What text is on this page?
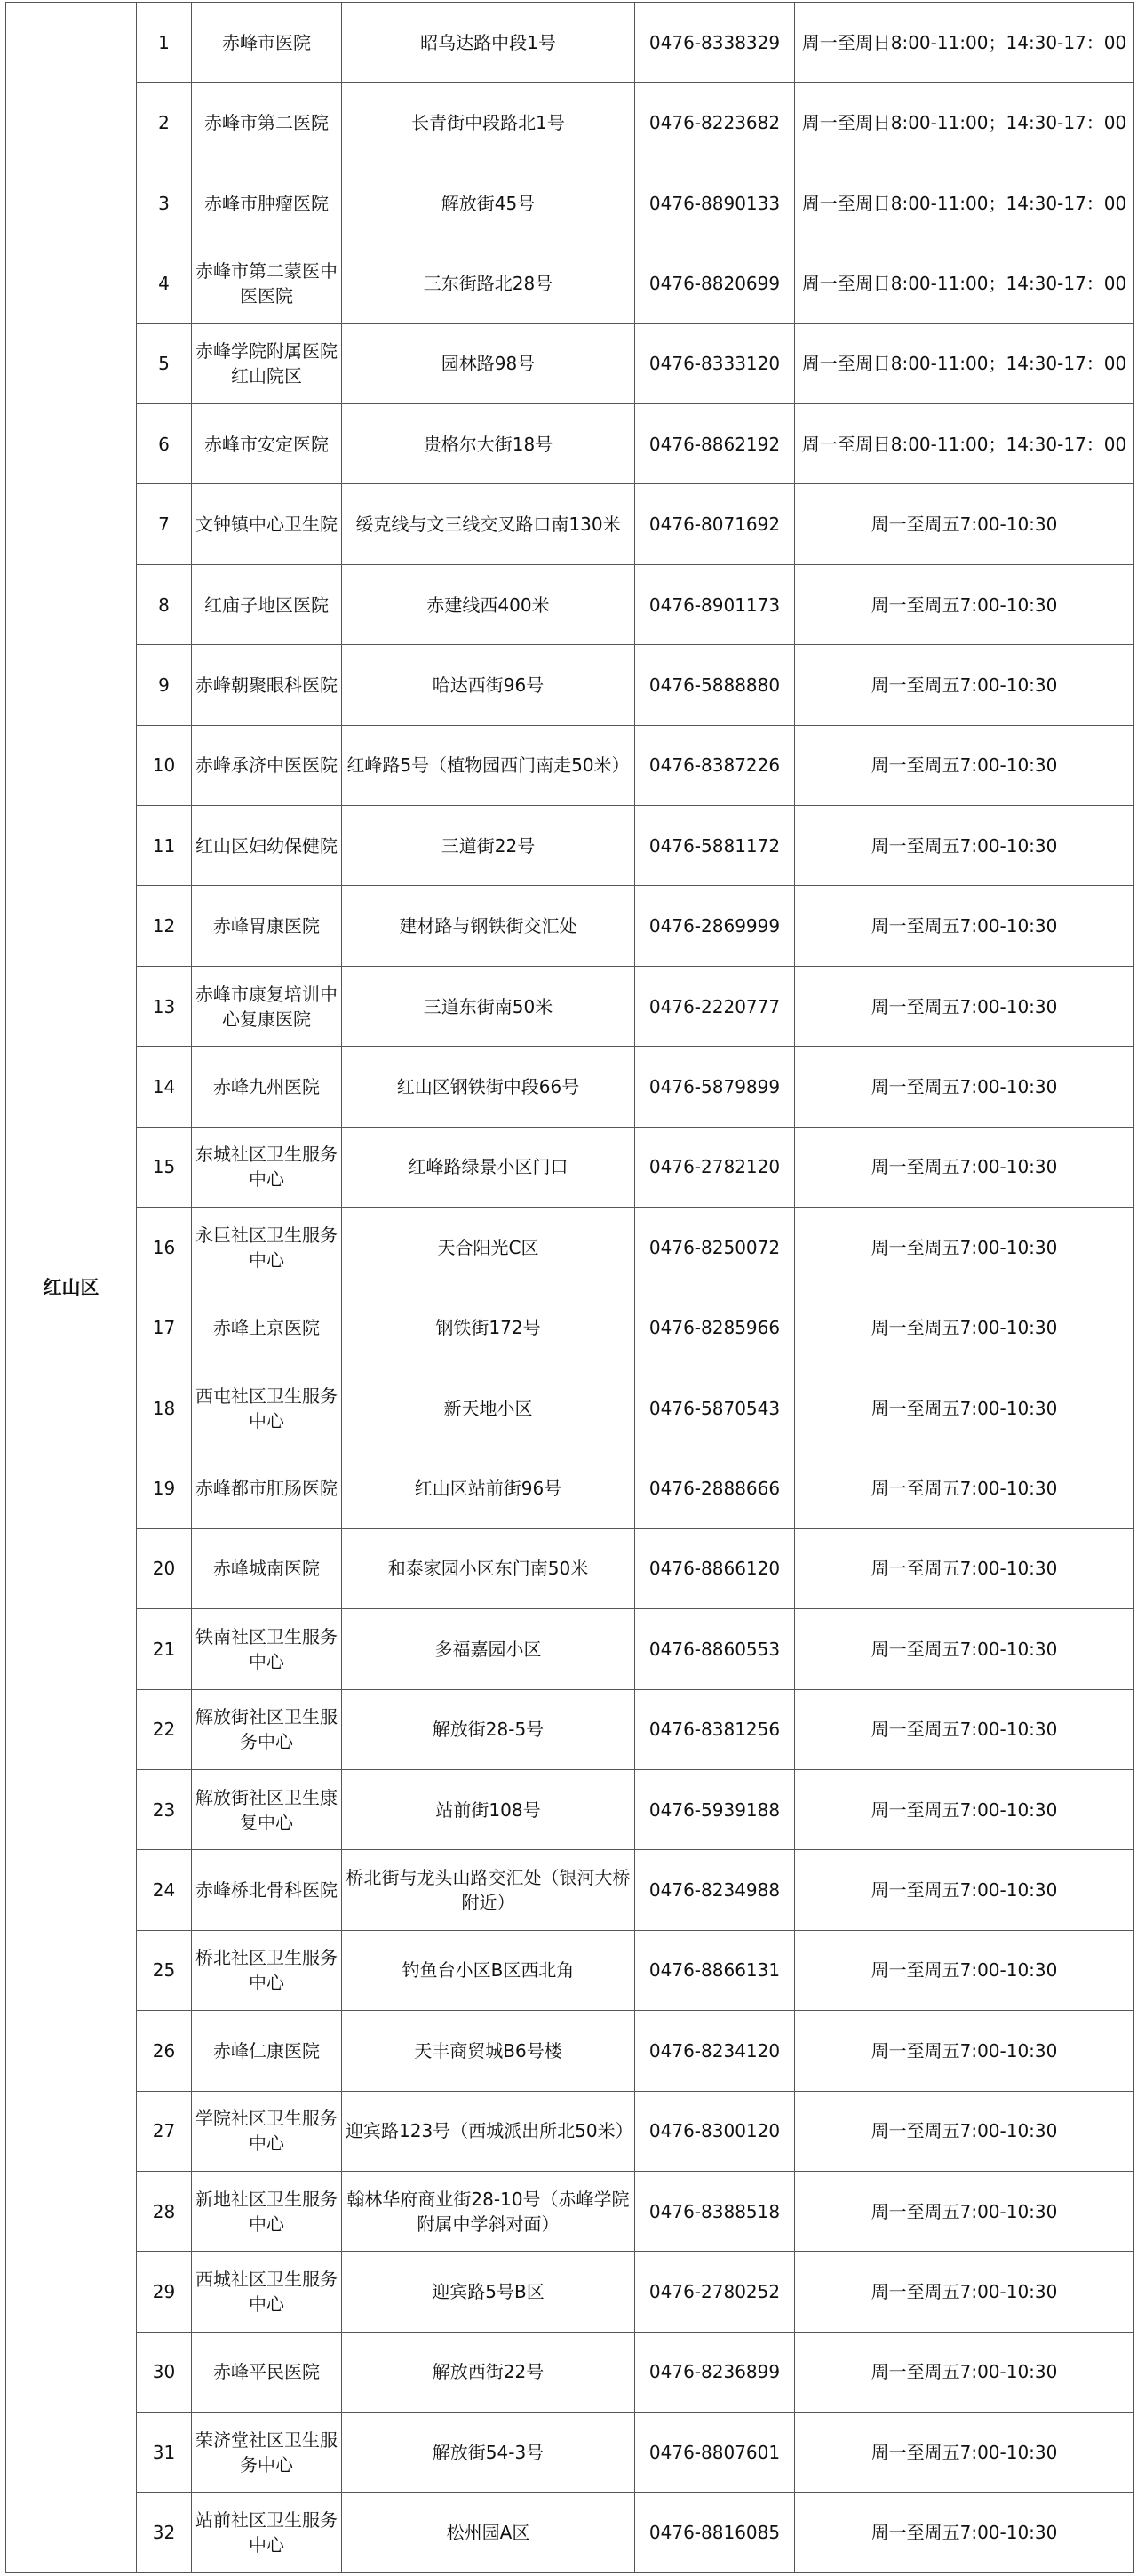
红山区	1	赤峰市医院	昭乌达路中段1号	0476-8338329	周一至周日8:00-11:00；14:30-17：00
	2	赤峰市第二医院	长青街中段路北1号	0476-8223682	周一至周日8:00-11:00；14:30-17：00
	3	赤峰市肿瘤医院	解放街45号	0476-8890133	周一至周日8:00-11:00；14:30-17：00
	4	赤峰市第二蒙医中医医院	三东街路北28号	0476-8820699	周一至周日8:00-11:00；14:30-17：00
	5	赤峰学院附属医院红山院区	园林路98号	0476-8333120	周一至周日8:00-11:00；14:30-17：00
	6	赤峰市安定医院	贵格尔大街18号	0476-8862192	周一至周日8:00-11:00；14:30-17：00
	7	文钟镇中心卫生院	绥克线与文三线交叉路口南130米	0476-8071692	周一至周五7:00-10:30
	8	红庙子地区医院	赤建线西400米	0476-8901173	周一至周五7:00-10:30
	9	赤峰朝聚眼科医院	哈达西街96号	0476-5888880	周一至周五7:00-10:30
	10	赤峰承济中医医院	红峰路5号（植物园西门南走50米）	0476-8387226	周一至周五7:00-10:30
	11	红山区妇幼保健院	三道街22号	0476-5881172	周一至周五7:00-10:30
	12	赤峰胃康医院	建材路与钢铁街交汇处	0476-2869999	周一至周五7:00-10:30
	13	赤峰市康复培训中心复康医院	三道东街南50米	0476-2220777	周一至周五7:00-10:30
	14	赤峰九州医院	红山区钢铁街中段66号	0476-5879899	周一至周五7:00-10:30
	15	东城社区卫生服务中心	红峰路绿景小区门口	0476-2782120	周一至周五7:00-10:30
	16	永巨社区卫生服务中心	天合阳光C区	0476-8250072	周一至周五7:00-10:30
	17	赤峰上京医院	钢铁街172号	0476-8285966	周一至周五7:00-10:30
	18	西屯社区卫生服务中心	新天地小区	0476-5870543	周一至周五7:00-10:30
	19	赤峰都市肛肠医院	红山区站前街96号	0476-2888666	周一至周五7:00-10:30
	20	赤峰城南医院	和泰家园小区东门南50米	0476-8866120	周一至周五7:00-10:30
	21	铁南社区卫生服务中心	多福嘉园小区	0476-8860553	周一至周五7:00-10:30
	22	解放街社区卫生服务中心	解放街28-5号	0476-8381256	周一至周五7:00-10:30
	23	解放街社区卫生康复中心	站前街108号	0476-5939188	周一至周五7:00-10:30
	24	赤峰桥北骨科医院	桥北街与龙头山路交汇处（银河大桥附近）	0476-8234988	周一至周五7:00-10:30
	25	桥北社区卫生服务中心	钓鱼台小区B区西北角	0476-8866131	周一至周五7:00-10:30
	26	赤峰仁康医院	天丰商贸城B6号楼	0476-8234120	周一至周五7:00-10:30
	27	学院社区卫生服务中心	迎宾路123号（西城派出所北50米）	0476-8300120	周一至周五7:00-10:30
	28	新地社区卫生服务中心	翰林华府商业街28-10号（赤峰学院附属中学斜对面）	0476-8388518	周一至周五7:00-10:30
	29	西城社区卫生服务中心	迎宾路5号B区	0476-2780252	周一至周五7:00-10:30
	30	赤峰平民医院	解放西街22号	0476-8236899	周一至周五7:00-10:30
	31	荣济堂社区卫生服务中心	解放街54-3号	0476-8807601	周一至周五7:00-10:30
	32	站前社区卫生服务中心	松州园A区	0476-8816085	周一至周五7:00-10:30
